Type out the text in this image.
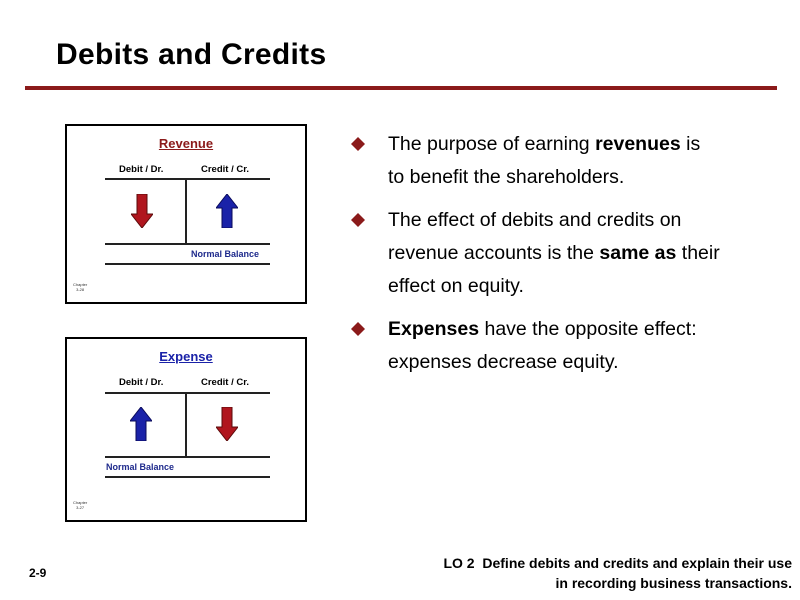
Debits and Credits
Revenue
Debit / Dr.	Credit / Cr.
Normal Balance
Chapter
3-28
Expense
Debit / Dr.	Credit / Cr.
Normal Balance
Chapter
3-27
The purpose of earning revenues is to benefit the shareholders.
The effect of debits and credits on revenue accounts is the same as their effect on equity.
Expenses have the opposite effect: expenses decrease equity.
2-9
LO 2  Define debits and credits and explain their use
in recording business transactions.
